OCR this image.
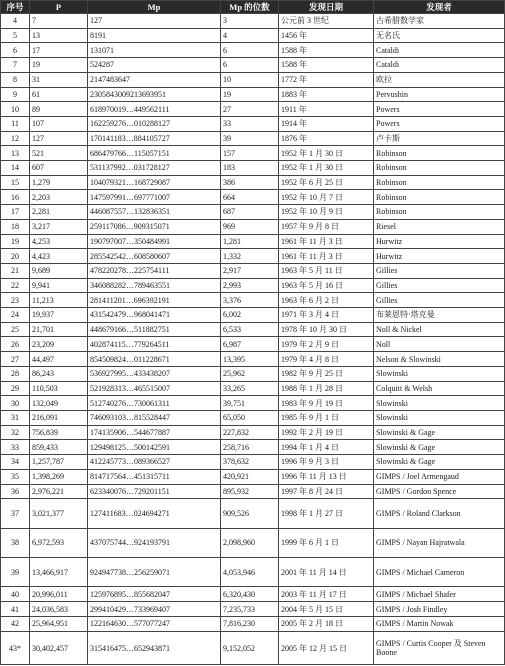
序号	P	Mp	Mp 的位数	发现日期	发现者
4	7	127	3	公元前 3 世纪	古希腊数学家
5	13	8191	4	1456 年	无名氏
6	17	131071	6	1588 年	Cataldi
7	19	524287	6	1588 年	Cataldi
8	31	2147483647	10	1772 年	欧拉
9	61	2305843009213693951	19	1883 年	Pervushin
10	89	618970019…449562111	27	1911 年	Powers
11	107	162259276…010288127	33	1914 年	Powers
12	127	170141183…884105727	39	1876 年	卢卡斯
13	521	686479766…115057151	157	1952 年 1 月 30 日	Robinson
14	607	531137992…031728127	183	1952 年 1 月 30 日	Robinson
15	1,279	104079321…168729087	386	1952 年 6 月 25 日	Robinson
16	2,203	147597991…697771007	664	1952 年 10 月 7 日	Robinson
17	2,281	446087557…132836351	687	1952 年 10 月 9 日	Robinson
18	3,217	259117086…909315071	969	1957 年 9 月 8 日	Riesel
19	4,253	190797007…350484991	1,281	1961 年 11 月 3 日	Hurwitz
20	4,423	285542542…608580607	1,332	1961 年 11 月 3 日	Hurwitz
21	9,689	478220278…225754111	2,917	1963 年 5 月 11 日	Gillies
22	9,941	346088282…789463551	2,993	1963 年 5 月 16 日	Gillies
23	11,213	281411201…696392191	3,376	1963 年 6 月 2 日	Gillies
24	19,937	431542479…968041471	6,002	1971 年 3 月 4 日	布莱恩特·塔克曼
25	21,701	448679166…511882751	6,533	1978 年 10 月 30 日	Noll & Nickel
26	23,209	402874115…779264511	6,987	1979 年 2 月 9 日	Noll
27	44,497	854509824…011228671	13,395	1979 年 4 月 8 日	Nelson & Slowinski
28	86,243	536927995…433438207	25,962	1982 年 9 月 25 日	Slowinski
29	110,503	521928313…465515007	33,265	1988 年 1 月 28 日	Colquitt & Welsh
30	132,049	512740276…730061311	39,751	1983 年 9 月 19 日	Slowinski
31	216,091	746093103…815528447	65,050	1985 年 9 月 1 日	Slowinski
32	756,839	174135906…544677887	227,832	1992 年 2 月 19 日	Slowinski & Gage
33	859,433	129498125…500142591	258,716	1994 年 1 月 4 日	Slowinski & Gage
34	1,257,787	412245773…089366527	378,632	1996 年 9 月 3 日	Slowinski & Gage
35	1,398,269	814717564…451315711	420,921	1996 年 11 月 13 日	GIMPS / Joel Armengaud
36	2,976,221	623340076…729201151	895,932	1997 年 8 月 24 日	GIMPS / Gordon Spence
37	3,021,377	127411683…024694271	909,526	1998 年 1 月 27 日	GIMPS / Roland Clarkson
38	6,972,593	437075744…924193791	2,098,960	1999 年 6 月 1 日	GIMPS / Nayan Hajratwala
39	13,466,917	924947738…256259071	4,053,946	2001 年 11 月 14 日	GIMPS / Michael Cameron
40	20,996,011	125976895…855682047	6,320,430	2003 年 11 月 17 日	GIMPS / Michael Shafer
41	24,036,583	299410429…733969407	7,235,733	2004 年 5 月 15 日	GIMPS / Josh Findley
42	25,964,951	122164630…577077247	7,816,230	2005 年 2 月 18 日	GIMPS / Martin Nowak
43*	30,402,457	315416475…652943871	9,152,052	2005 年 12 月 15 日	GIMPS / Curtis Cooper 及 Steven Boone
